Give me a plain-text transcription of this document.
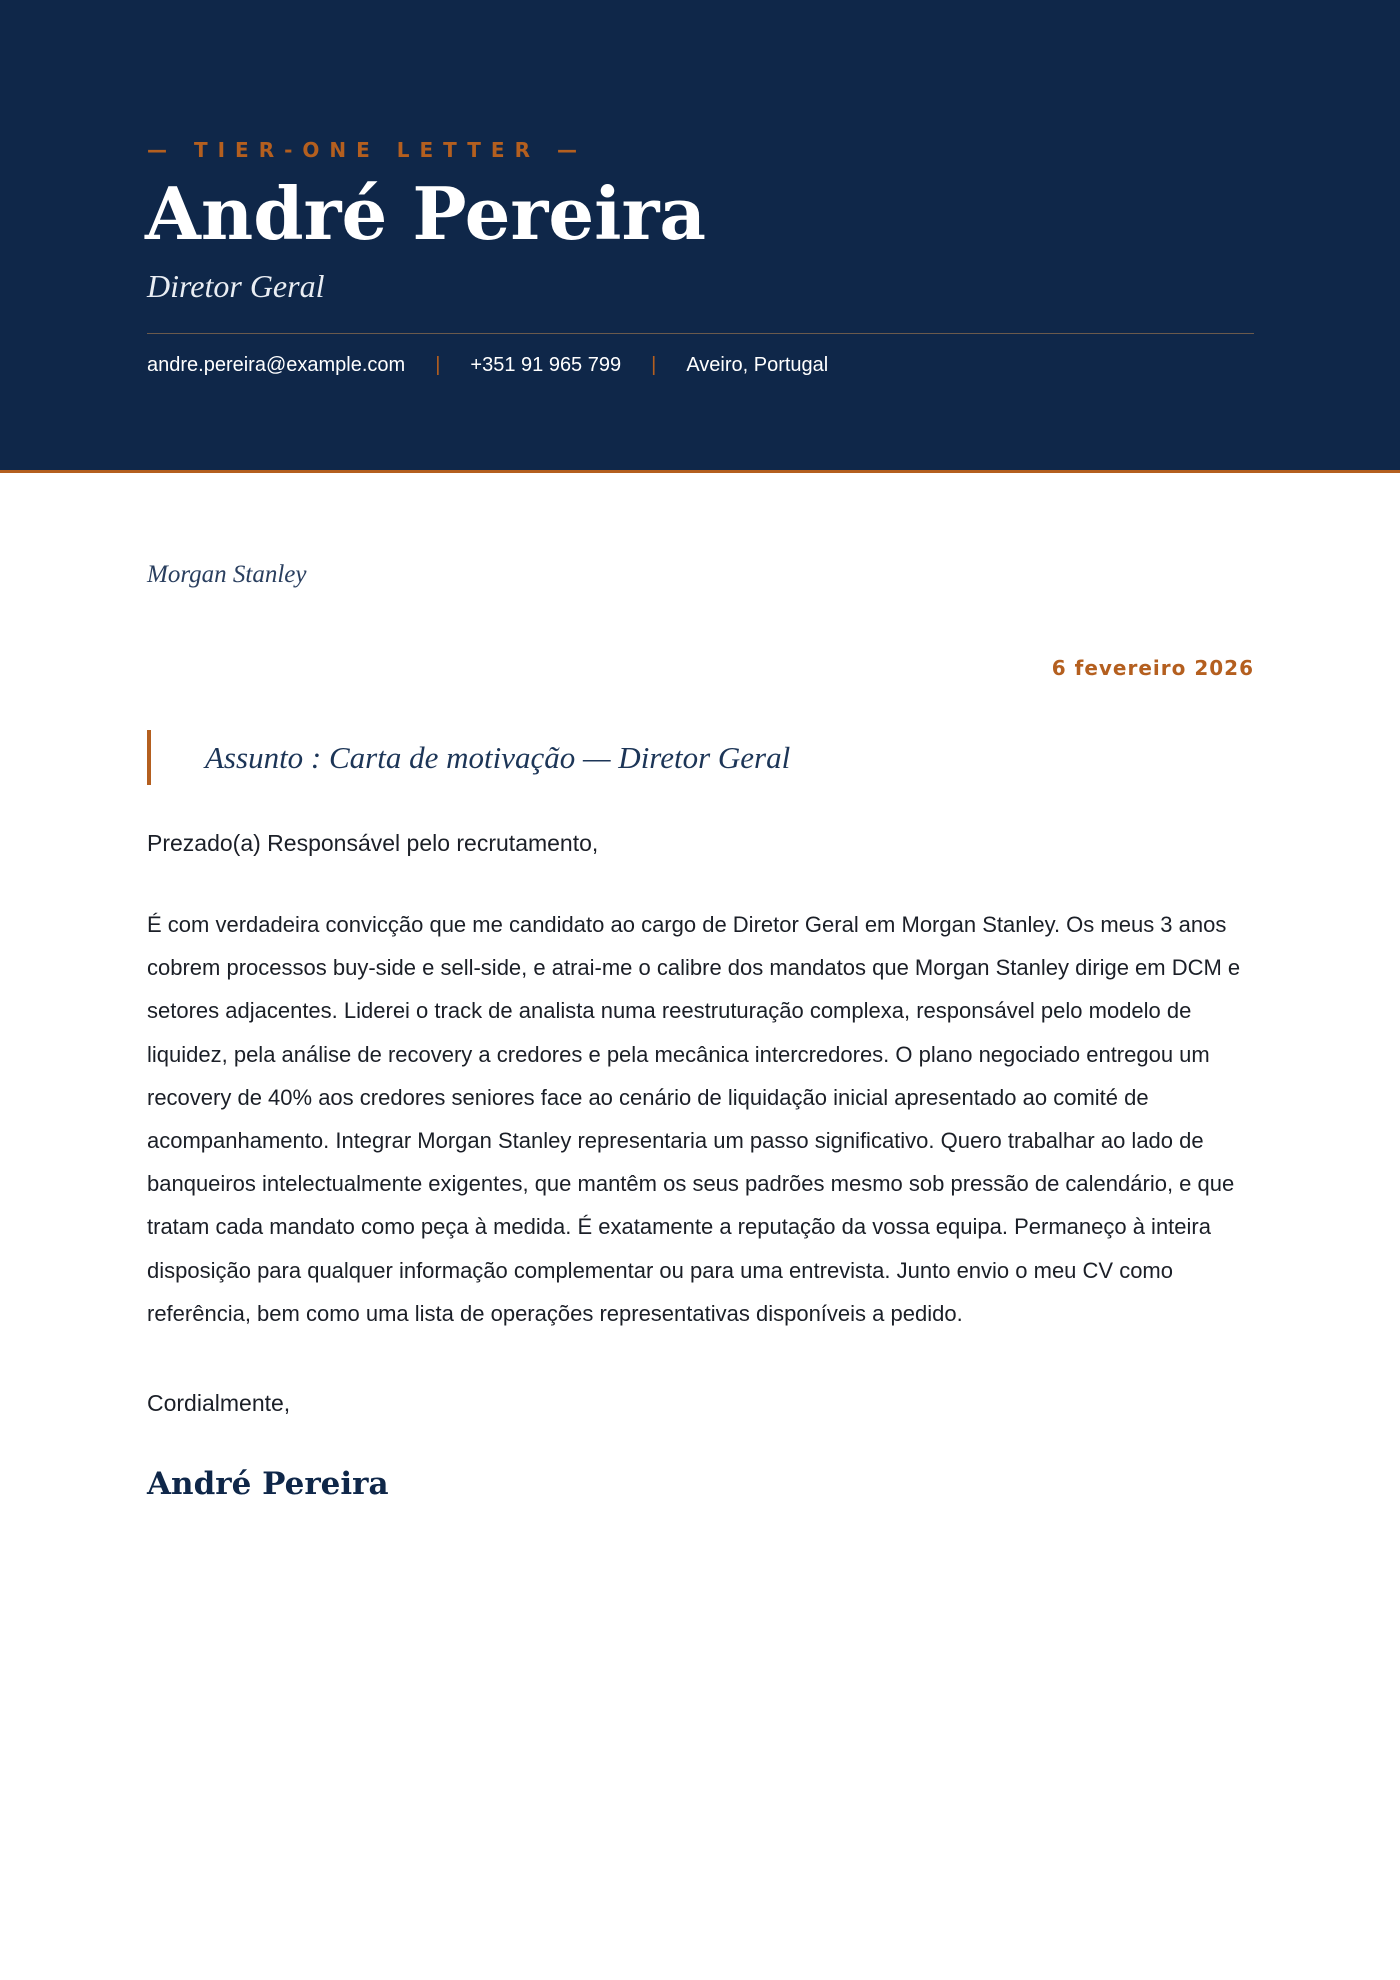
— TIER-ONE LETTER —
André Pereira
Diretor Geral
andre.pereira@example.com | +351 91 965 799 | Aveiro, Portugal
Morgan Stanley
6 fevereiro 2026
Assunto : Carta de motivação — Diretor Geral
Prezado(a) Responsável pelo recrutamento,

É com verdadeira convicção que me candidato ao cargo de Diretor Geral em Morgan Stanley. Os meus 3 anos cobrem processos buy-side e sell-side, e atrai-me o calibre dos mandatos que Morgan Stanley dirige em DCM e setores adjacentes. Liderei o track de analista numa reestruturação complexa, responsável pelo modelo de liquidez, pela análise de recovery a credores e pela mecânica intercredores. O plano negociado entregou um recovery de 40% aos credores seniores face ao cenário de liquidação inicial apresentado ao comité de acompanhamento. Integrar Morgan Stanley representaria um passo significativo. Quero trabalhar ao lado de banqueiros intelectualmente exigentes, que mantêm os seus padrões mesmo sob pressão de calendário, e que tratam cada mandato como peça à medida. É exatamente a reputação da vossa equipa. Permaneço à inteira disposição para qualquer informação complementar ou para uma entrevista. Junto envio o meu CV como referência, bem como uma lista de operações representativas disponíveis a pedido.

Cordialmente,
André Pereira
